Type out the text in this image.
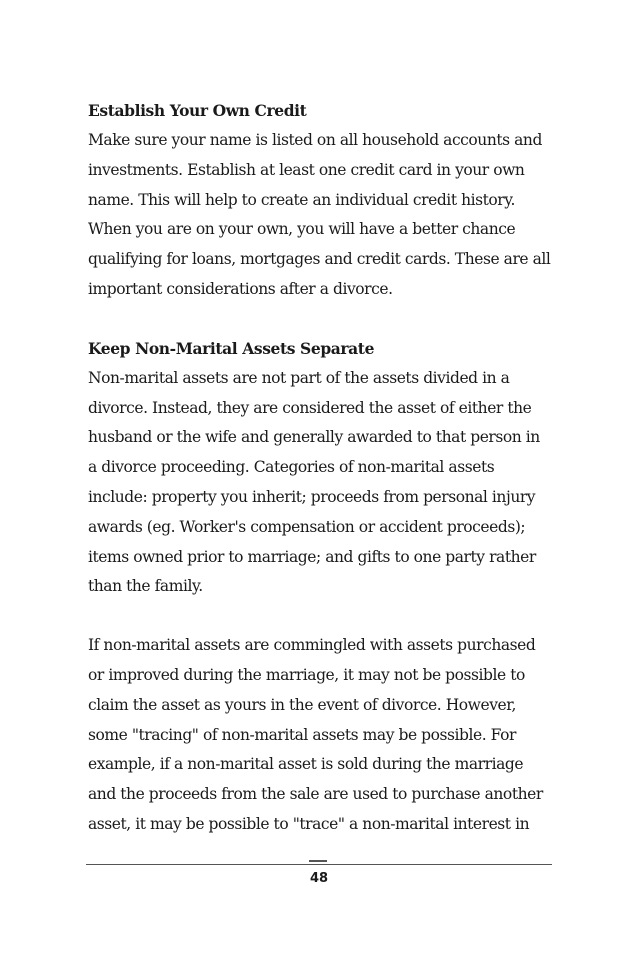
Establish Your Own Credit

Make sure your name is listed on all household accounts and
investments. Establish at least one credit card in your own
name. This will help to create an individual credit history.
When you are on your own, you will have a better chance
qualifying for loans, mortgages and credit cards. These are all
important considerations after a divorce.

Keep Non-Marital Assets Separate

Non-marital assets are not part of the assets divided in a
divorce. Instead, they are considered the asset of either the
husband or the wife and generally awarded to that person in
a divorce proceeding. Categories of non-marital assets
include: property you inherit; proceeds from personal injury
awards (eg. Worker's compensation or accident proceeds);
items owned prior to marriage; and gifts to one party rather
than the family.

If non-marital assets are commingled with assets purchased
or improved during the marriage, it may not be possible to
claim the asset as yours in the event of divorce. However,
some "tracing" of non-marital assets may be possible. For
example, if a non-marital asset is sold during the marriage
and the proceeds from the sale are used to purchase another
asset, it may be possible to "trace" a non-marital interest in

48
